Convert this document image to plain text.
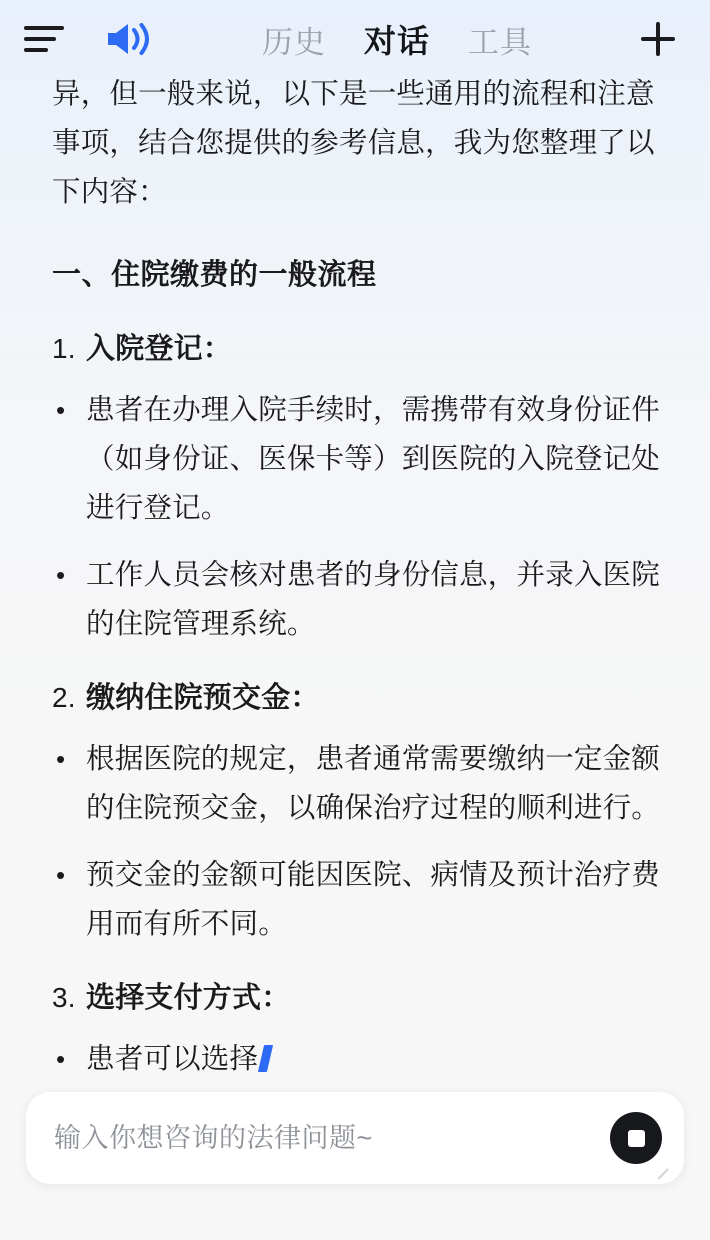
历史 对话 工具

异，但一般来说，以下是一些通用的流程和注意事项，结合您提供的参考信息，我为您整理了以下内容：

一、住院缴费的一般流程
1. 入院登记：
• 患者在办理入院手续时，需携带有效身份证件（如身份证、医保卡等）到医院的入院登记处进行登记。
• 工作人员会核对患者的身份信息，并录入医院的住院管理系统。
2. 缴纳住院预交金：
• 根据医院的规定，患者通常需要缴纳一定金额的住院预交金，以确保治疗过程的顺利进行。
• 预交金的金额可能因医院、病情及预计治疗费用而有所不同。
3. 选择支付方式：
• 患者可以选择
输入你想咨询的法律问题~
